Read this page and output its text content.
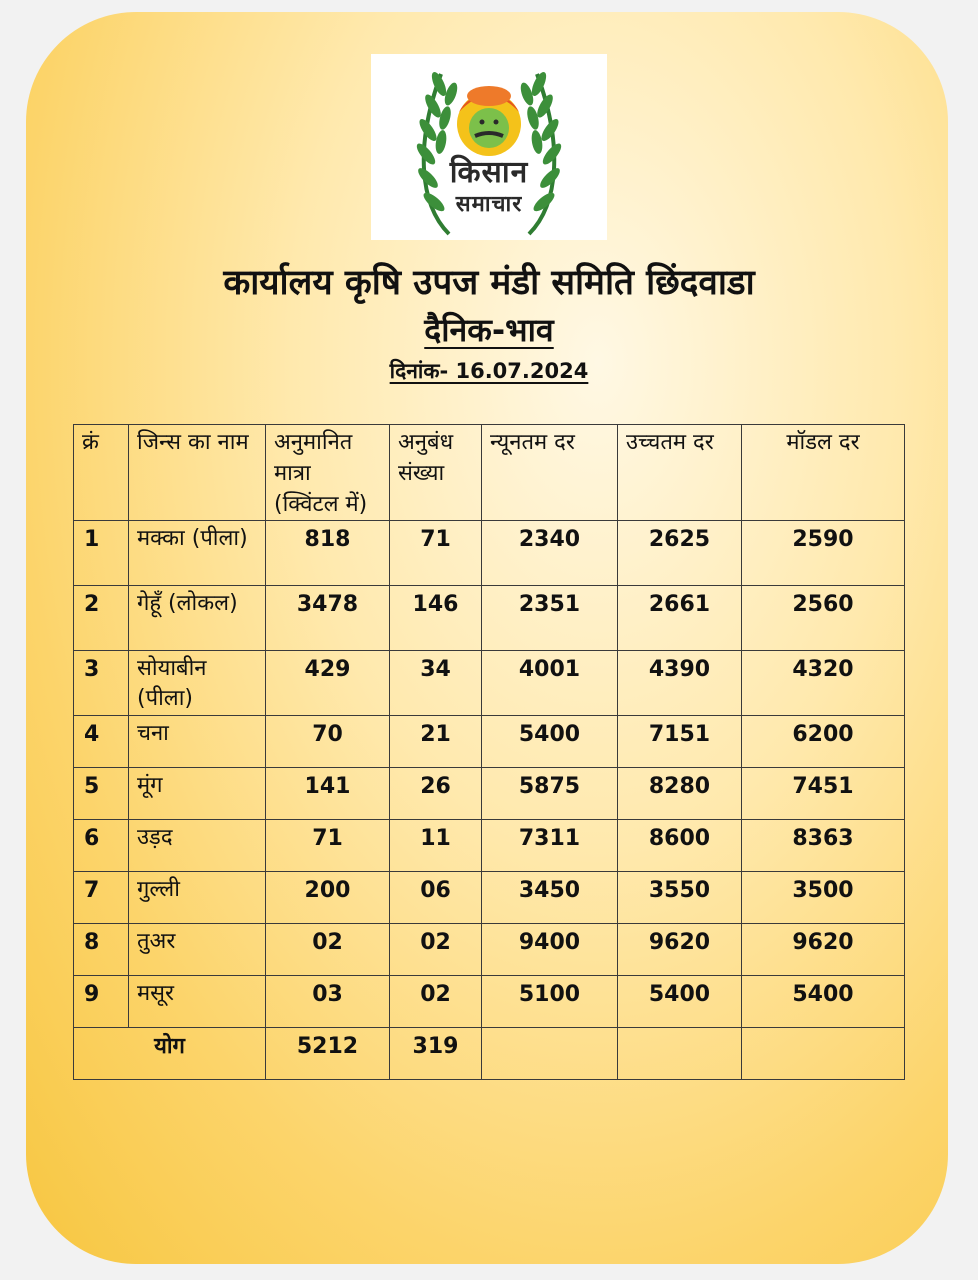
किसान
समाचार
कार्यालय कृषि उपज मंडी समिति छिंदवाडा
दैनिक-भाव
दिनांक- 16.07.2024
क्रं	जिन्स का नाम	अनुमानित मात्रा (क्विंटल में)	अनुबंध संख्या	न्यूनतम दर	उच्चतम दर	मॉडल दर
1	मक्का (पीला)	818	71	2340	2625	2590
2	गेहूँ (लोकल)	3478	146	2351	2661	2560
3	सोयाबीन (पीला)	429	34	4001	4390	4320
4	चना	70	21	5400	7151	6200
5	मूंग	141	26	5875	8280	7451
6	उड़द	71	11	7311	8600	8363
7	गुल्ली	200	06	3450	3550	3500
8	तुअर	02	02	9400	9620	9620
9	मसूर	03	02	5100	5400	5400
योग		5212	319			
